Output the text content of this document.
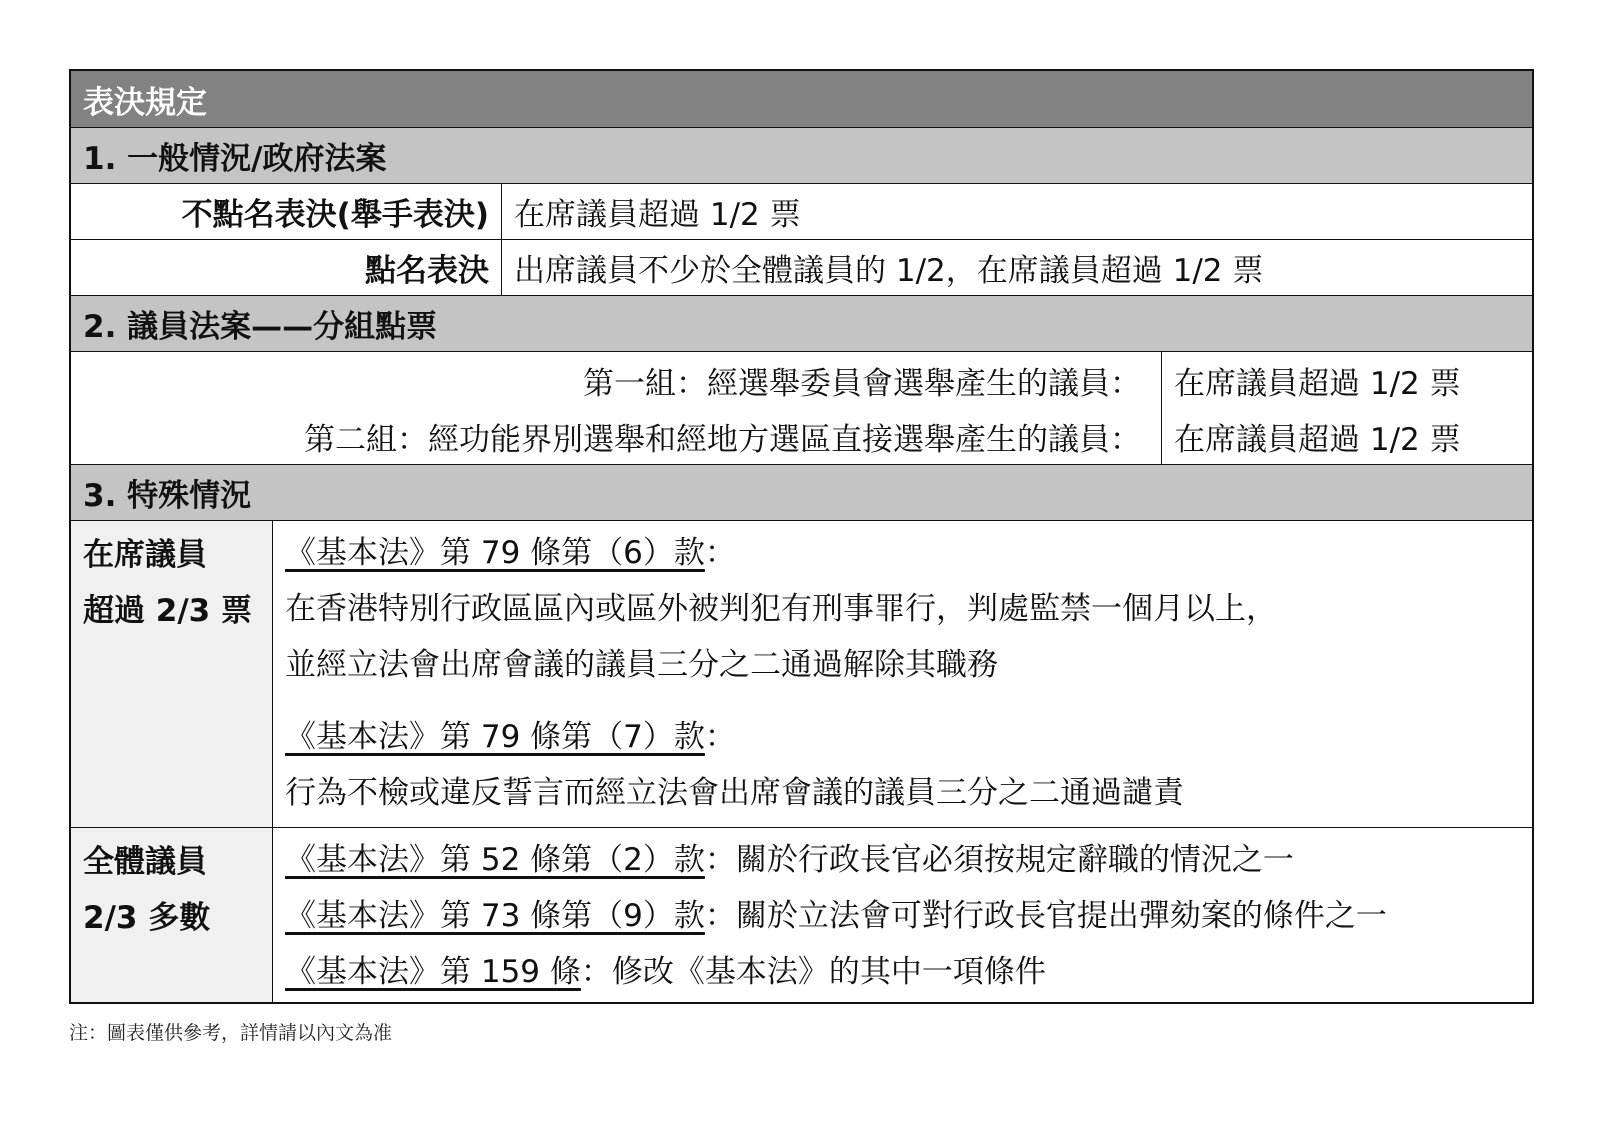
表決規定
1. 一般情況/政府法案
不點名表決(舉手表決) 在席議員超過 1/2 票
點名表決 出席議員不少於全體議員的 1/2，在席議員超過 1/2 票
2. 議員法案——分組點票
第一組：經選舉委員會選舉產生的議員：
第二組：經功能界別選舉和經地方選區直接選舉產生的議員：
在席議員超過 1/2 票
在席議員超過 1/2 票
3. 特殊情況
在席議員
超過 2/3 票
《基本法》第 79 條第（6）款 ：
在香港特別行政區區內或區外被判犯有刑事罪行，判處監禁一個月以上，
並經立法會出席會議的議員三分之二通過解除其職務
《基本法》第 79 條第（7）款 ：
行為不檢或違反誓言而經立法會出席會議的議員三分之二通過譴責
全體議員
2/3 多數
《基本法》第 52 條第（2）款 ：關於行政長官必須按規定辭職的情況之一
《基本法》第 73 條第（9）款 ：關於立法會可對行政長官提出彈劾案的條件之一
《基本法》第 159 條 ：修改《基本法》的其中一項條件
注：圖表僅供參考，詳情請以內文為准
